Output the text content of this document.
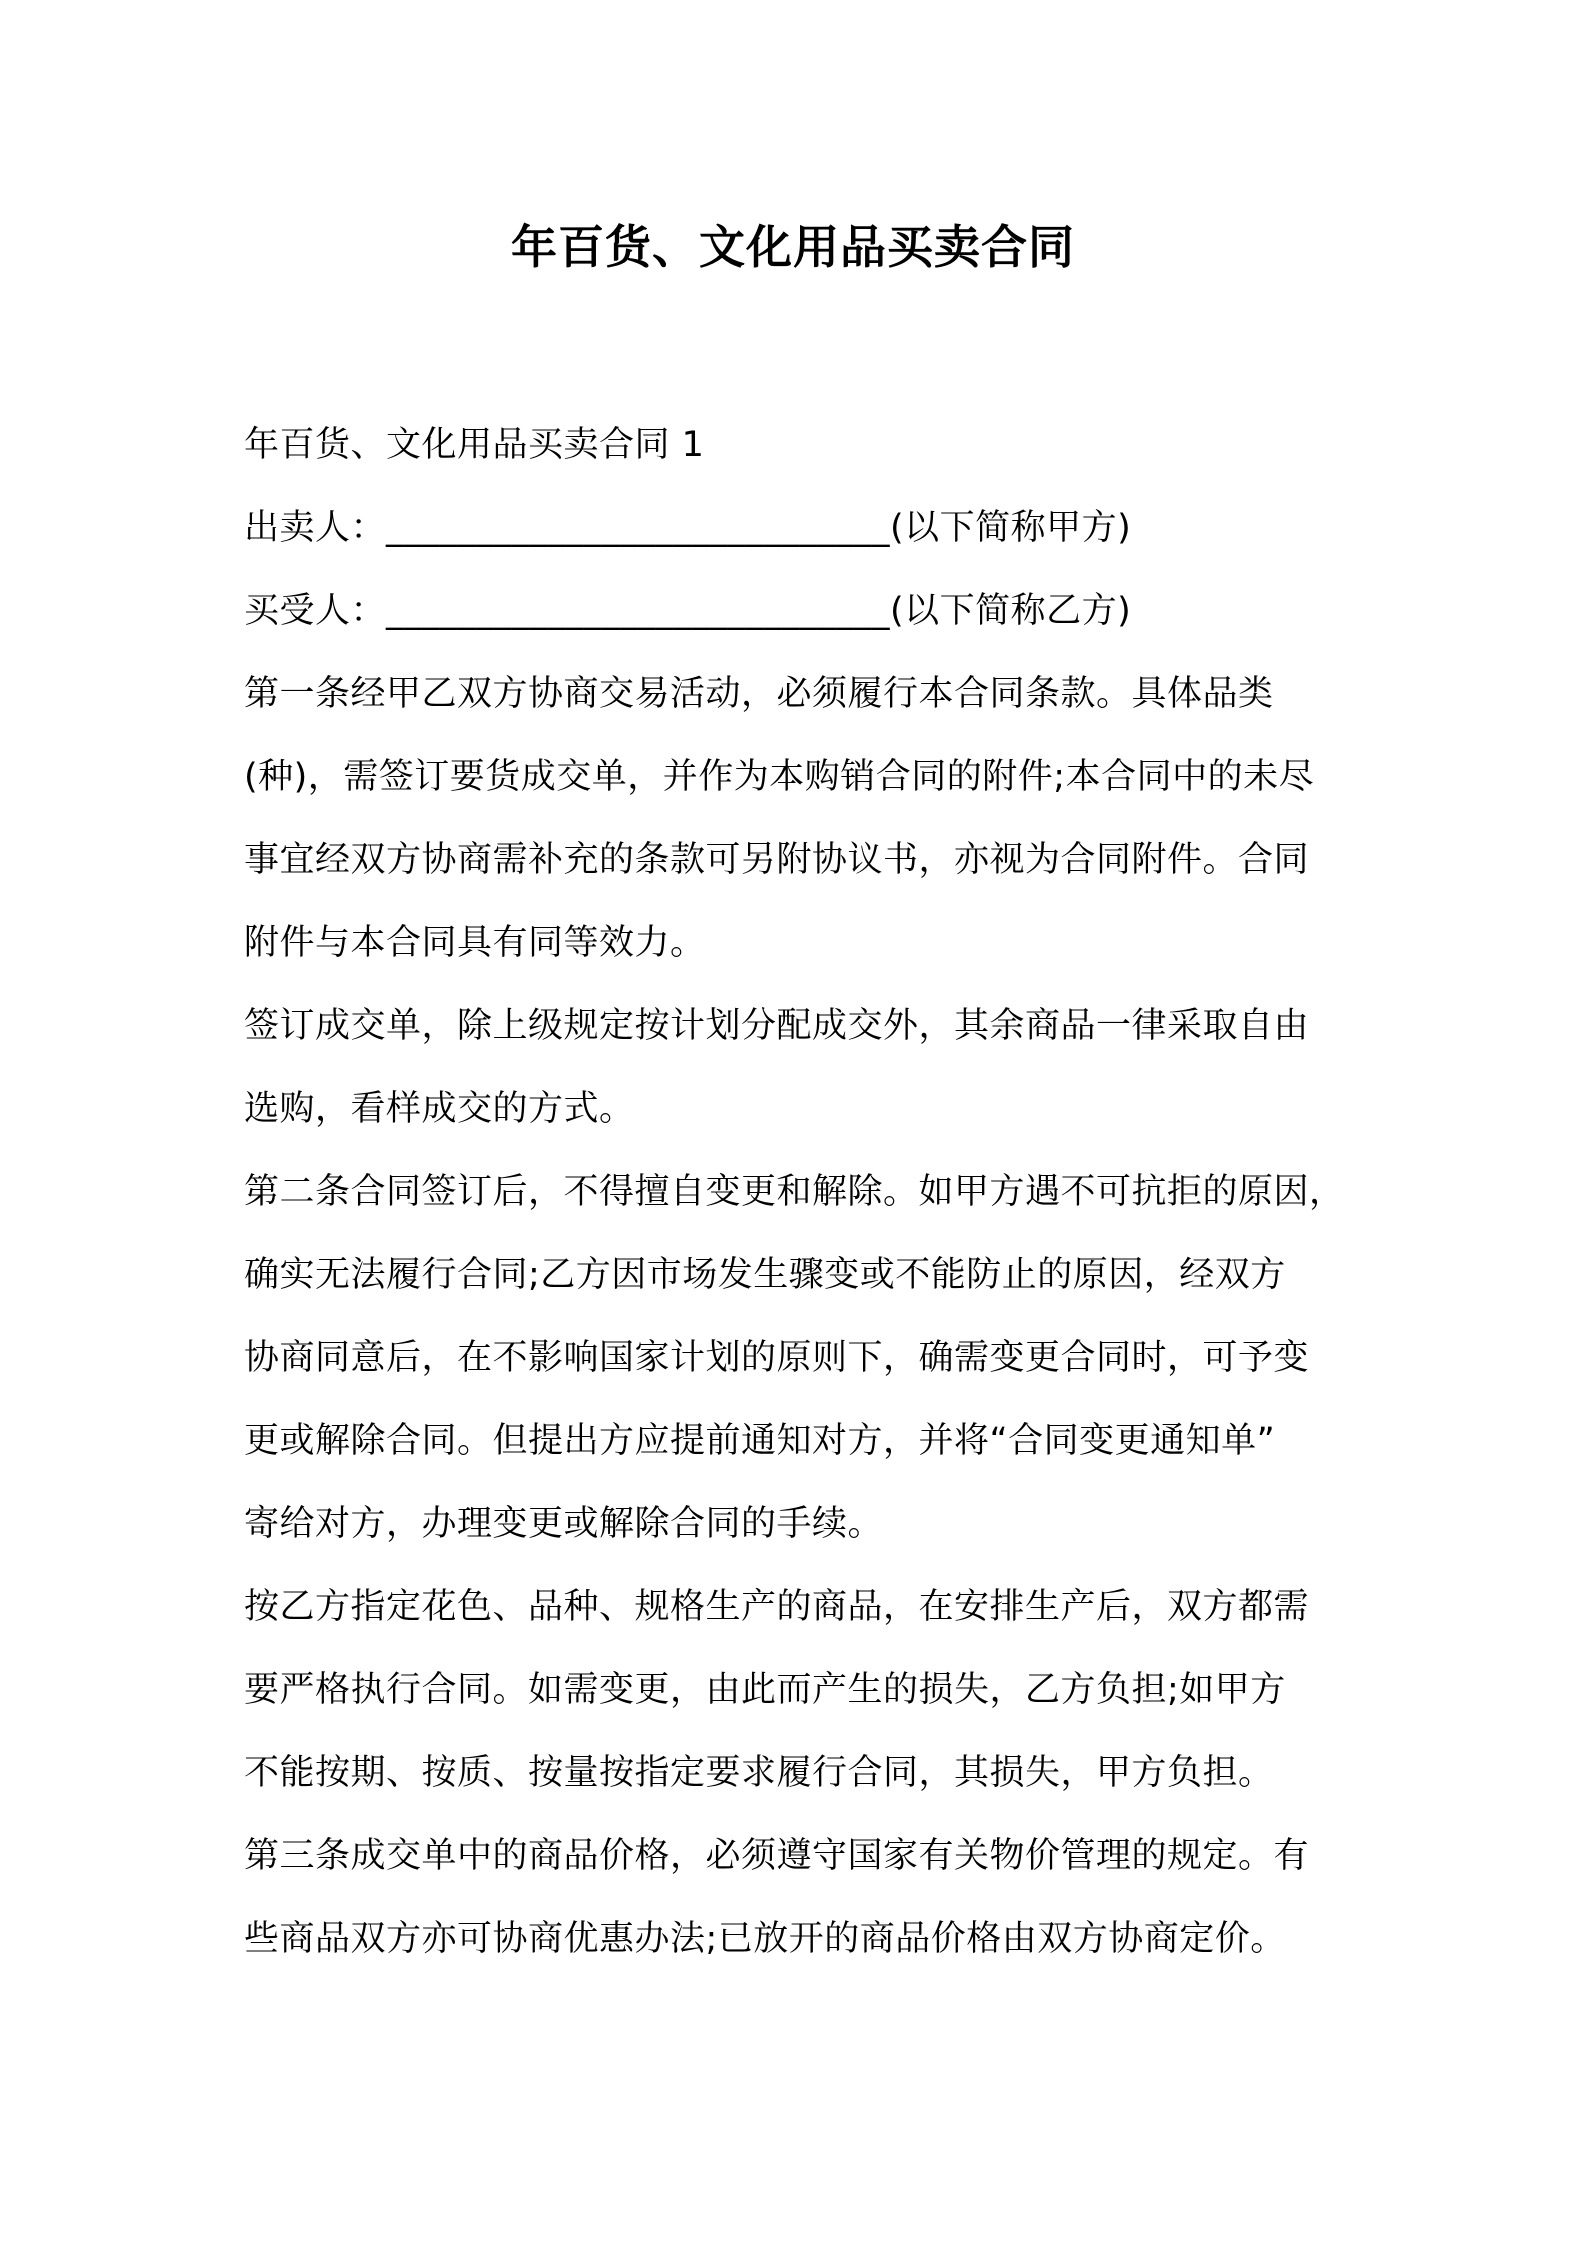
年百货、文化用品买卖合同
年百货、文化用品买卖合同 1
出卖人：____________________________(以下简称甲方)
买受人：____________________________(以下简称乙方)
第一条经甲乙双方协商交易活动，必须履行本合同条款。具体品类
(种)，需签订要货成交单，并作为本购销合同的附件;本合同中的未尽
事宜经双方协商需补充的条款可另附协议书，亦视为合同附件。合同
附件与本合同具有同等效力。
签订成交单，除上级规定按计划分配成交外，其余商品一律采取自由
选购，看样成交的方式。
第二条合同签订后，不得擅自变更和解除。如甲方遇不可抗拒的原因，
确实无法履行合同;乙方因市场发生骤变或不能防止的原因，经双方
协商同意后，在不影响国家计划的原则下，确需变更合同时，可予变
更或解除合同。但提出方应提前通知对方，并将“合同变更通知单”
寄给对方，办理变更或解除合同的手续。
按乙方指定花色、品种、规格生产的商品，在安排生产后，双方都需
要严格执行合同。如需变更，由此而产生的损失，乙方负担;如甲方
不能按期、按质、按量按指定要求履行合同，其损失，甲方负担。
第三条成交单中的商品价格，必须遵守国家有关物价管理的规定。有
些商品双方亦可协商优惠办法;已放开的商品价格由双方协商定价。
